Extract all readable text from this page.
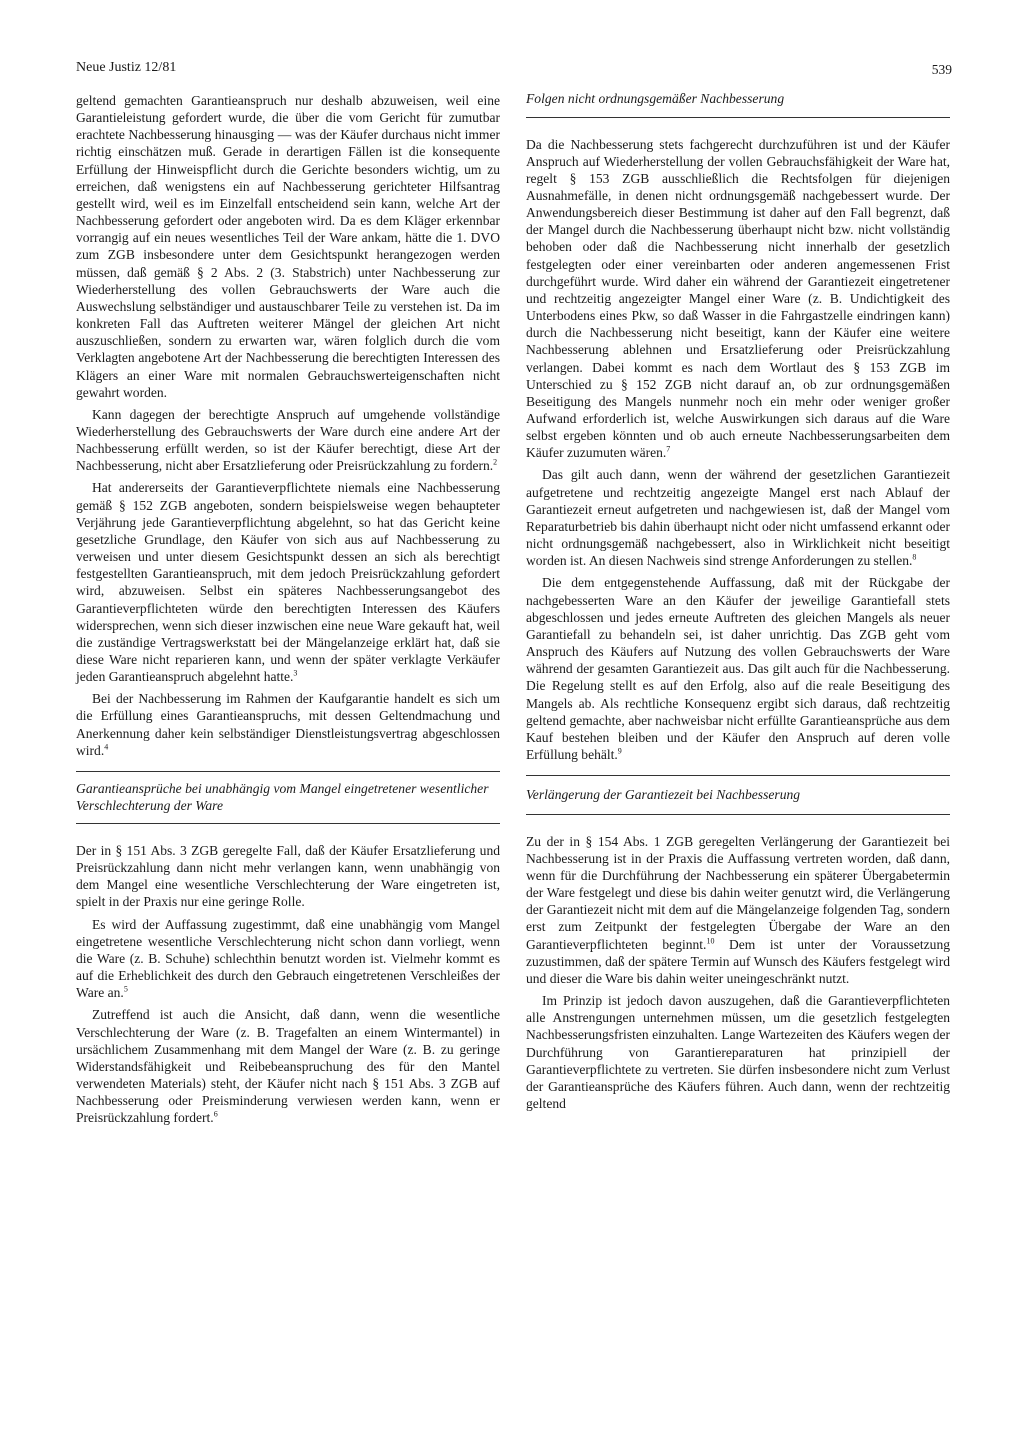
Neue Justiz 12/81	539

geltend gemachten Garantieanspruch nur deshalb abzuweisen, weil eine Garantieleistung gefordert wurde, die über die vom Gericht für zumutbar erachtete Nachbesserung hinausging — was der Käufer durchaus nicht immer richtig einschätzen muß. Gerade in derartigen Fällen ist die konsequente Erfüllung der Hinweispflicht durch die Gerichte besonders wichtig, um zu erreichen, daß wenigstens ein auf Nachbesserung gerichteter Hilfsantrag gestellt wird, weil es im Einzelfall entscheidend sein kann, welche Art der Nachbesserung gefordert oder angeboten wird. Da es dem Kläger erkennbar vorrangig auf ein neues wesentliches Teil der Ware ankam, hätte die 1. DVO zum ZGB insbesondere unter dem Gesichtspunkt herangezogen werden müssen, daß gemäß § 2 Abs. 2 (3. Stabstrich) unter Nachbesserung zur Wiederherstellung des vollen Gebrauchswerts der Ware auch die Auswechslung selbständiger und austauschbarer Teile zu verstehen ist. Da im konkreten Fall das Auftreten weiterer Mängel der gleichen Art nicht auszuschließen, sondern zu erwarten war, wären folglich durch die vom Verklagten angebotene Art der Nachbesserung die berechtigten Interessen des Klägers an einer Ware mit normalen Gebrauchswerteigenschaften nicht gewahrt worden.

Kann dagegen der berechtigte Anspruch auf umgehende vollständige Wiederherstellung des Gebrauchswerts der Ware durch eine andere Art der Nachbesserung erfüllt werden, so ist der Käufer berechtigt, diese Art der Nachbesserung, nicht aber Ersatzlieferung oder Preisrückzahlung zu fordern.$^2$

Hat andererseits der Garantieverpflichtete niemals eine Nachbesserung gemäß § 152 ZGB angeboten, sondern beispielsweise wegen behaupteter Verjährung jede Garantieverpflichtung abgelehnt, so hat das Gericht keine gesetzliche Grundlage, den Käufer von sich aus auf Nachbesserung zu verweisen und unter diesem Gesichtspunkt dessen an sich als berechtigt festgestellten Garantieanspruch, mit dem jedoch Preisrückzahlung gefordert wird, abzuweisen. Selbst ein späteres Nachbesserungsangebot des Garantieverpflichteten würde den berechtigten Interessen des Käufers widersprechen, wenn sich dieser inzwischen eine neue Ware gekauft hat, weil die zuständige Vertragswerkstatt bei der Mängelanzeige erklärt hat, daß sie diese Ware nicht reparieren kann, und wenn der später verklagte Verkäufer jeden Garantieanspruch abgelehnt hatte.$^3$

Bei der Nachbesserung im Rahmen der Kaufgarantie handelt es sich um die Erfüllung eines Garantieanspruchs, mit dessen Geltendmachung und Anerkennung daher kein selbständiger Dienstleistungsvertrag abgeschlossen wird.$^4$

Garantieansprüche bei unabhängig vom Mangel eingetretener wesentlicher Verschlechterung der Ware

Der in § 151 Abs. 3 ZGB geregelte Fall, daß der Käufer Ersatzlieferung und Preisrückzahlung dann nicht mehr verlangen kann, wenn unabhängig von dem Mangel eine wesentliche Verschlechterung der Ware eingetreten ist, spielt in der Praxis nur eine geringe Rolle.

Es wird der Auffassung zugestimmt, daß eine unabhängig vom Mangel eingetretene wesentliche Verschlechterung nicht schon dann vorliegt, wenn die Ware (z. B. Schuhe) schlechthin benutzt worden ist. Vielmehr kommt es auf die Erheblichkeit des durch den Gebrauch eingetretenen Verschleißes der Ware an.$^5$

Zutreffend ist auch die Ansicht, daß dann, wenn die wesentliche Verschlechterung der Ware (z. B. Tragefalten an einem Wintermantel) in ursächlichem Zusammenhang mit dem Mangel der Ware (z. B. zu geringe Widerstandsfähigkeit und Reibebeanspruchung des für den Mantel verwendeten Materials) steht, der Käufer nicht nach § 151 Abs. 3 ZGB auf Nachbesserung oder Preisminderung verwiesen werden kann, wenn er Preisrückzahlung fordert.$^6$

Folgen nicht ordnungsgemäßer Nachbesserung

Da die Nachbesserung stets fachgerecht durchzuführen ist und der Käufer Anspruch auf Wiederherstellung der vollen Gebrauchsfähigkeit der Ware hat, regelt § 153 ZGB ausschließlich die Rechtsfolgen für diejenigen Ausnahmefälle, in denen nicht ordnungsgemäß nachgebessert wurde. Der Anwendungsbereich dieser Bestimmung ist daher auf den Fall begrenzt, daß der Mangel durch die Nachbesserung überhaupt nicht bzw. nicht vollständig behoben oder daß die Nachbesserung nicht innerhalb der gesetzlich festgelegten oder einer vereinbarten oder anderen angemessenen Frist durchgeführt wurde. Wird daher ein während der Garantiezeit eingetretener und rechtzeitig angezeigter Mangel einer Ware (z. B. Undichtigkeit des Unterbodens eines Pkw, so daß Wasser in die Fahrgastzelle eindringen kann) durch die Nachbesserung nicht beseitigt, kann der Käufer eine weitere Nachbesserung ablehnen und Ersatzlieferung oder Preisrückzahlung verlangen. Dabei kommt es nach dem Wortlaut des § 153 ZGB im Unterschied zu § 152 ZGB nicht darauf an, ob zur ordnungsgemäßen Beseitigung des Mangels nunmehr noch ein mehr oder weniger großer Aufwand erforderlich ist, welche Auswirkungen sich daraus auf die Ware selbst ergeben könnten und ob auch erneute Nachbesserungsarbeiten dem Käufer zuzumuten wären.$^7$

Das gilt auch dann, wenn der während der gesetzlichen Garantiezeit aufgetretene und rechtzeitig angezeigte Mangel erst nach Ablauf der Garantiezeit erneut aufgetreten und nachgewiesen ist, daß der Mangel vom Reparaturbetrieb bis dahin überhaupt nicht oder nicht umfassend erkannt oder nicht ordnungsgemäß nachgebessert, also in Wirklichkeit nicht beseitigt worden ist. An diesen Nachweis sind strenge Anforderungen zu stellen.$^8$

Die dem entgegenstehende Auffassung, daß mit der Rückgabe der nachgebesserten Ware an den Käufer der jeweilige Garantiefall stets abgeschlossen und jedes erneute Auftreten des gleichen Mangels als neuer Garantiefall zu behandeln sei, ist daher unrichtig. Das ZGB geht vom Anspruch des Käufers auf Nutzung des vollen Gebrauchswerts der Ware während der gesamten Garantiezeit aus. Das gilt auch für die Nachbesserung. Die Regelung stellt es auf den Erfolg, also auf die reale Beseitigung des Mangels ab. Als rechtliche Konsequenz ergibt sich daraus, daß rechtzeitig geltend gemachte, aber nachweisbar nicht erfüllte Garantieansprüche aus dem Kauf bestehen bleiben und der Käufer den Anspruch auf deren volle Erfüllung behält.$^9$

Verlängerung der Garantiezeit bei Nachbesserung

Zu der in § 154 Abs. 1 ZGB geregelten Verlängerung der Garantiezeit bei Nachbesserung ist in der Praxis die Auffassung vertreten worden, daß dann, wenn für die Durchführung der Nachbesserung ein späterer Übergabetermin der Ware festgelegt und diese bis dahin weiter genutzt wird, die Verlängerung der Garantiezeit nicht mit dem auf die Mängelanzeige folgenden Tag, sondern erst zum Zeitpunkt der festgelegten Übergabe der Ware an den Garantieverpflichteten beginnt.$^{10}$ Dem ist unter der Voraussetzung zuzustimmen, daß der spätere Termin auf Wunsch des Käufers festgelegt wird und dieser die Ware bis dahin weiter uneingeschränkt nutzt.

Im Prinzip ist jedoch davon auszugehen, daß die Garantieverpflichteten alle Anstrengungen unternehmen müssen, um die gesetzlich festgelegten Nachbesserungsfristen einzuhalten. Lange Wartezeiten des Käufers wegen der Durchführung von Garantiereparaturen hat prinzipiell der Garantieverpflichtete zu vertreten. Sie dürfen insbesondere nicht zum Verlust der Garantieansprüche des Käufers führen. Auch dann, wenn der rechtzeitig geltend
